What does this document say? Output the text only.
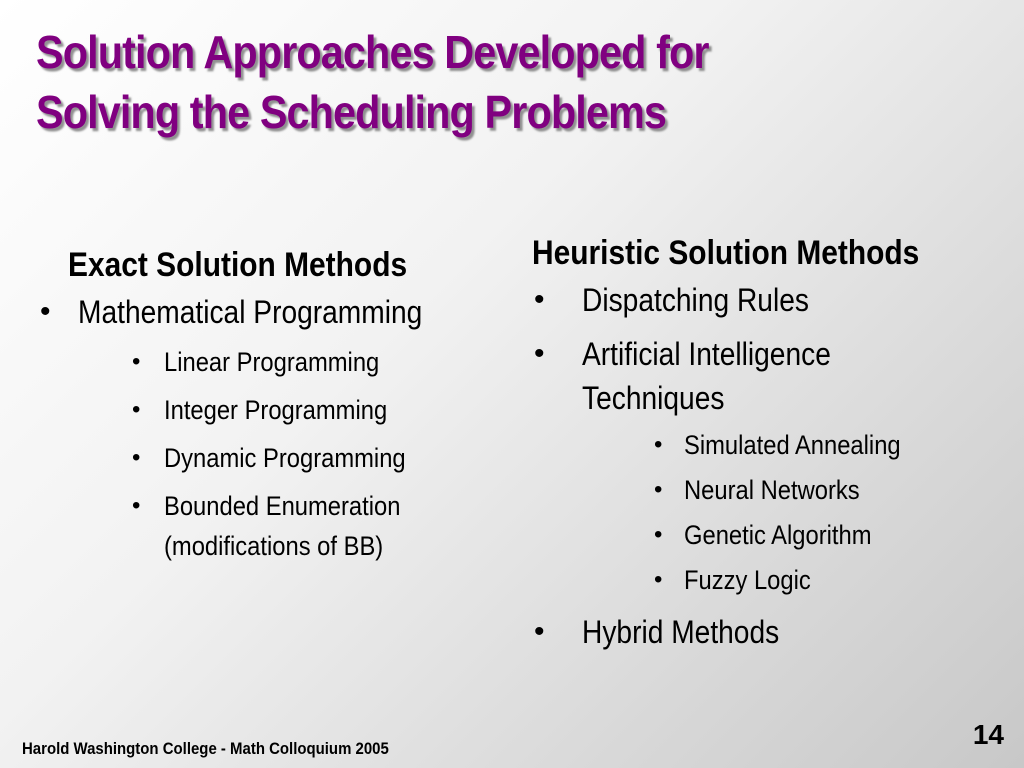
Solution Approaches Developed for
Solving the Scheduling Problems
Exact Solution Methods
• Mathematical Programming
• Linear Programming
• Integer Programming
• Dynamic Programming
• Bounded Enumeration
(modifications of BB)
Heuristic Solution Methods
• Dispatching Rules
• Artificial Intelligence
Techniques
• Simulated Annealing
• Neural Networks
• Genetic Algorithm
• Fuzzy Logic
• Hybrid Methods
Harold Washington College - Math Colloquium 2005	14
